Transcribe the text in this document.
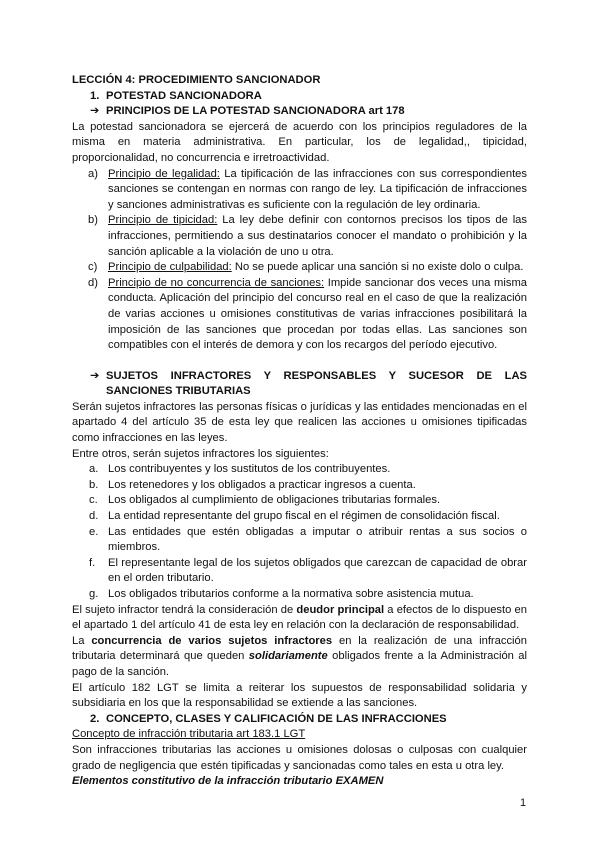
LECCIÓN 4: PROCEDIMIENTO SANCIONADOR

1. POTESTAD SANCIONADORA

➔ PRINCIPIOS DE LA POTESTAD SANCIONADORA art 178

La potestad sancionadora se ejercerá de acuerdo con los principios reguladores de la misma en materia administrativa. En particular, los de legalidad,, tipicidad, proporcionalidad, no concurrencia e irretroactividad.

a) Principio de legalidad: La tipificación de las infracciones con sus correspondientes sanciones se contengan en normas con rango de ley. La tipificación de infracciones y sanciones administrativas es suficiente con la regulación de ley ordinaria.
b) Principio de tipicidad: La ley debe definir con contornos precisos los tipos de las infracciones, permitiendo a sus destinatarios conocer el mandato o prohibición y la sanción aplicable a la violación de uno u otra.
c) Principio de culpabilidad: No se puede aplicar una sanción si no existe dolo o culpa.
d) Principio de no concurrencia de sanciones: Impide sancionar dos veces una misma conducta. Aplicación del principio del concurso real en el caso de que la realización de varias acciones u omisiones constitutivas de varias infracciones posibilitará la imposición de las sanciones que procedan por todas ellas. Las sanciones son compatibles con el interés de demora y con los recargos del período ejecutivo.

➔ SUJETOS INFRACTORES Y RESPONSABLES Y SUCESOR DE LAS SANCIONES TRIBUTARIAS

Serán sujetos infractores las personas físicas o jurídicas y las entidades mencionadas en el apartado 4 del artículo 35 de esta ley que realicen las acciones u omisiones tipificadas como infracciones en las leyes.

Entre otros, serán sujetos infractores los siguientes:

a. Los contribuyentes y los sustitutos de los contribuyentes.
b. Los retenedores y los obligados a practicar ingresos a cuenta.
c. Los obligados al cumplimiento de obligaciones tributarias formales.
d. La entidad representante del grupo fiscal en el régimen de consolidación fiscal.
e. Las entidades que estén obligadas a imputar o atribuir rentas a sus socios o miembros.
f. El representante legal de los sujetos obligados que carezcan de capacidad de obrar en el orden tributario.
g. Los obligados tributarios conforme a la normativa sobre asistencia mutua.

El sujeto infractor tendrá la consideración de deudor principal a efectos de lo dispuesto en el apartado 1 del artículo 41 de esta ley en relación con la declaración de responsabilidad.

La concurrencia de varios sujetos infractores en la realización de una infracción tributaria determinará que queden solidariamente obligados frente a la Administración al pago de la sanción.

El artículo 182 LGT se limita a reiterar los supuestos de responsabilidad solidaria y subsidiaria en los que la responsabilidad se extiende a las sanciones.

2. CONCEPTO, CLASES Y CALIFICACIÓN DE LAS INFRACCIONES

Concepto de infracción tributaria art 183.1 LGT

Son infracciones tributarias las acciones u omisiones dolosas o culposas con cualquier grado de negligencia que estén tipificadas y sancionadas como tales en esta u otra ley.

Elementos constitutivo de la infracción tributario EXAMEN

1
